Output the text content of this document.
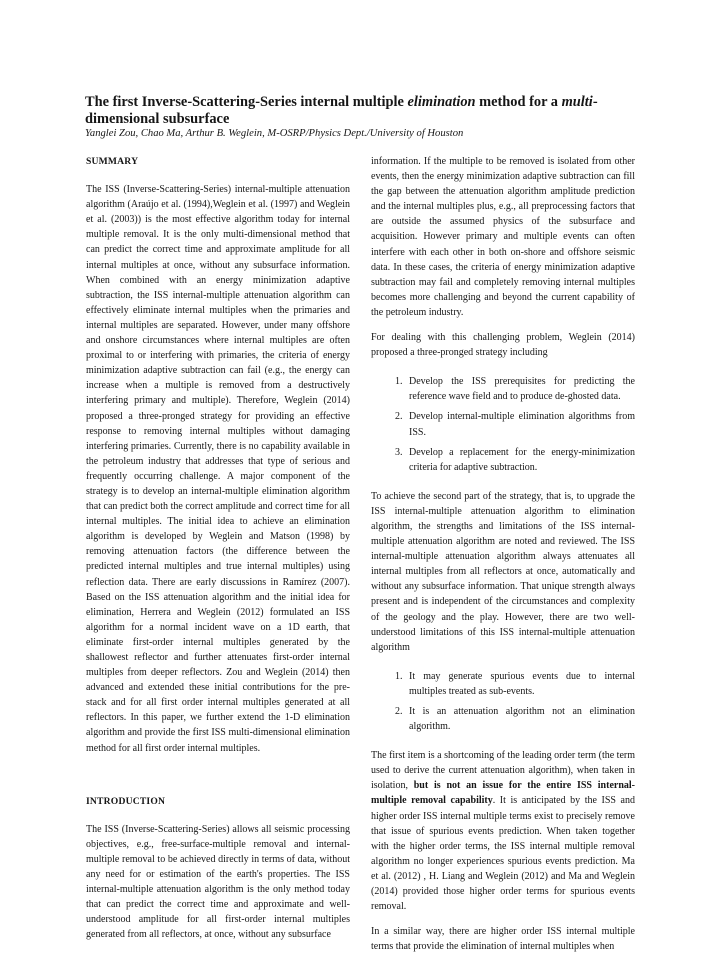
The first Inverse-Scattering-Series internal multiple elimination method for a multi-dimensional subsurface
Yanglei Zou, Chao Ma, Arthur B. Weglein, M-OSRP/Physics Dept./University of Houston
SUMMARY

The ISS (Inverse-Scattering-Series) internal-multiple attenuation algorithm (Araújo et al. (1994),Weglein et al. (1997) and Weglein et al. (2003)) is the most effective algorithm today for internal multiple removal. It is the only multi-dimensional method that can predict the correct time and approximate amplitude for all internal multiples at once, without any subsurface information. When combined with an energy minimization adaptive subtraction, the ISS internal-multiple attenuation algorithm can effectively eliminate internal multiples when the primaries and internal multiples are separated. However, under many offshore and onshore circumstances where internal multiples are often proximal to or interfering with primaries, the criteria of energy minimization adaptive subtraction can fail (e.g., the energy can increase when a multiple is removed from a destructively interfering primary and multiple). Therefore, Weglein (2014) proposed a three-pronged strategy for providing an effective response to removing internal multiples without damaging interfering primaries. Currently, there is no capability available in the petroleum industry that addresses that type of serious and frequently occurring challenge. A major component of the strategy is to develop an internal-multiple elimination algorithm that can predict both the correct amplitude and correct time for all internal multiples. The initial idea to achieve an elimination algorithm is developed by Weglein and Matson (1998) by removing attenuation factors (the difference between the predicted internal multiples and true internal multiples) using reflection data. There are early discussions in Ramírez (2007). Based on the ISS attenuation algorithm and the initial idea for elimination, Herrera and Weglein (2012) formulated an ISS algorithm for a normal incident wave on a 1D earth, that eliminate first-order internal multiples generated by the shallowest reflector and further attenuates first-order internal multiples from deeper reflectors. Zou and Weglein (2014) then advanced and extended these initial contributions for the pre-stack and for all first order internal multiples generated at all reflectors. In this paper, we further extend the 1-D elimination algorithm and provide the first ISS multi-dimensional elimination method for all first order internal multiples.

INTRODUCTION

The ISS (Inverse-Scattering-Series) allows all seismic processing objectives, e.g., free-surface-multiple removal and internal-multiple removal to be achieved directly in terms of data, without any need for or estimation of the earth's properties. The ISS internal-multiple attenuation algorithm is the only method today that can predict the correct time and approximate and well-understood amplitude for all first-order internal multiples generated from all reflectors, at once, without any subsurface

information. If the multiple to be removed is isolated from other events, then the energy minimization adaptive subtraction can fill the gap between the attenuation algorithm amplitude prediction and the internal multiples plus, e.g., all preprocessing factors that are outside the assumed physics of the subsurface and acquisition. However primary and multiple events can often interfere with each other in both on-shore and offshore seismic data. In these cases, the criteria of energy minimization adaptive subtraction may fail and completely removing internal multiples becomes more challenging and beyond the current capability of the petroleum industry.

For dealing with this challenging problem, Weglein (2014) proposed a three-pronged strategy including

1. Develop the ISS prerequisites for predicting the reference wave field and to produce de-ghosted data.
2. Develop internal-multiple elimination algorithms from ISS.
3. Develop a replacement for the energy-minimization criteria for adaptive subtraction.

To achieve the second part of the strategy, that is, to upgrade the ISS internal-multiple attenuation algorithm to elimination algorithm, the strengths and limitations of the ISS internal-multiple attenuation algorithm are noted and reviewed. The ISS internal-multiple attenuation algorithm always attenuates all internal multiples from all reflectors at once, automatically and without any subsurface information. That unique strength always present and is independent of the circumstances and complexity of the geology and the play. However, there are two well-understood limitations of this ISS internal-multiple attenuation algorithm

1. It may generate spurious events due to internal multiples treated as sub-events.
2. It is an attenuation algorithm not an elimination algorithm.

The first item is a shortcoming of the leading order term (the term used to derive the current attenuation algorithm), when taken in isolation, but is not an issue for the entire ISS internal-multiple removal capability. It is anticipated by the ISS and higher order ISS internal multiple terms exist to precisely remove that issue of spurious events prediction. When taken together with the higher order terms, the ISS internal multiple removal algorithm no longer experiences spurious events prediction. Ma et al. (2012) , H. Liang and Weglein (2012) and Ma and Weglein (2014) provided those higher order terms for spurious events removal.

In a similar way, there are higher order ISS internal multiple terms that provide the elimination of internal multiples when
